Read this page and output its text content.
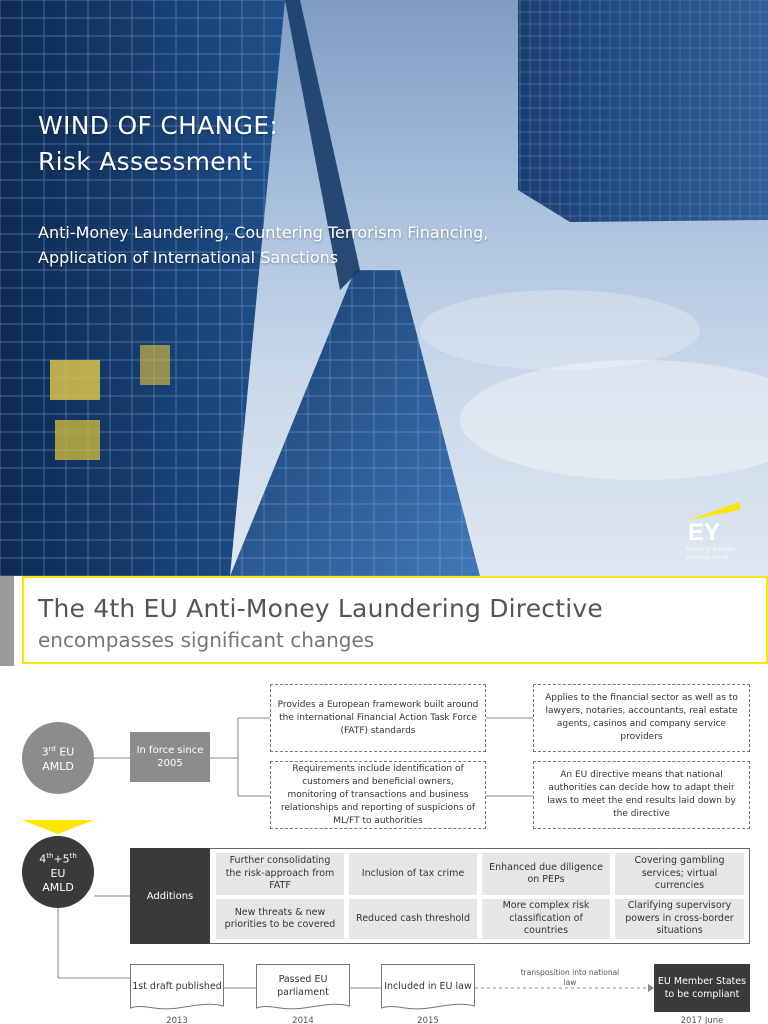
WIND OF CHANGE:
Risk Assessment
Anti-Money Laundering, Countering Terrorism Financing,
Application of International Sanctions
EY
Building a better working world
The 4th EU Anti-Money Laundering Directive
encompasses significant changes
3rd EU
AMLD
In force since 2005
Provides a European framework built around the international Financial Action Task Force (FATF) standards
Applies to the financial sector as well as to lawyers, notaries, accountants, real estate agents, casinos and company service providers
Requirements include identification of customers and beneficial owners, monitoring of transactions and business relationships and reporting of suspicions of ML/FT to authorities
An EU directive means that national authorities can decide how to adapt their laws to meet the end results laid down by the directive
4th+5th
EU
AMLD
Additions
Further consolidating the risk-approach from FATF
Inclusion of tax crime
Enhanced due diligence on PEPs
Covering gambling services; virtual currencies
New threats & new priorities to be covered
Reduced cash threshold
More complex risk classification of countries
Clarifying supervisory powers in cross-border situations
1st draft published
2013
Passed EU parliament
2014
Included in EU law
2015
transposition into national law	EU Member States to be compliant
2017 June
